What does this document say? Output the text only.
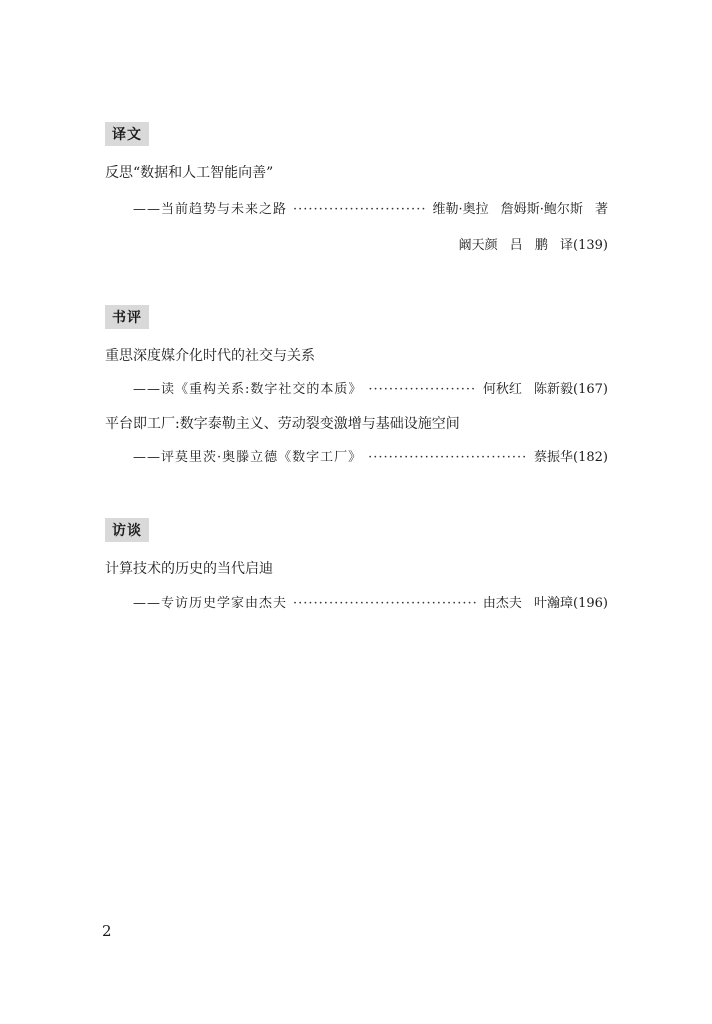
译文
反思“数据和人工智能向善”
——当前趋势与未来之路 ·····	维勒·奥拉 詹姆斯·鲍尔斯 著
阚天颜 吕 鹏 译(139)
书评
重思深度媒介化时代的社交与关系
——读《重构关系:数字社交的本质》 ·····	何秋红 陈新毅(167)
平台即工厂:数字泰勒主义、劳动裂变激增与基础设施空间
——评莫里茨·奥滕立德《数字工厂》 ·····	蔡振华(182)
访谈
计算技术的历史的当代启迪
——专访历史学家由杰夫 ·····	由杰夫 叶瀚璋(196)
2
